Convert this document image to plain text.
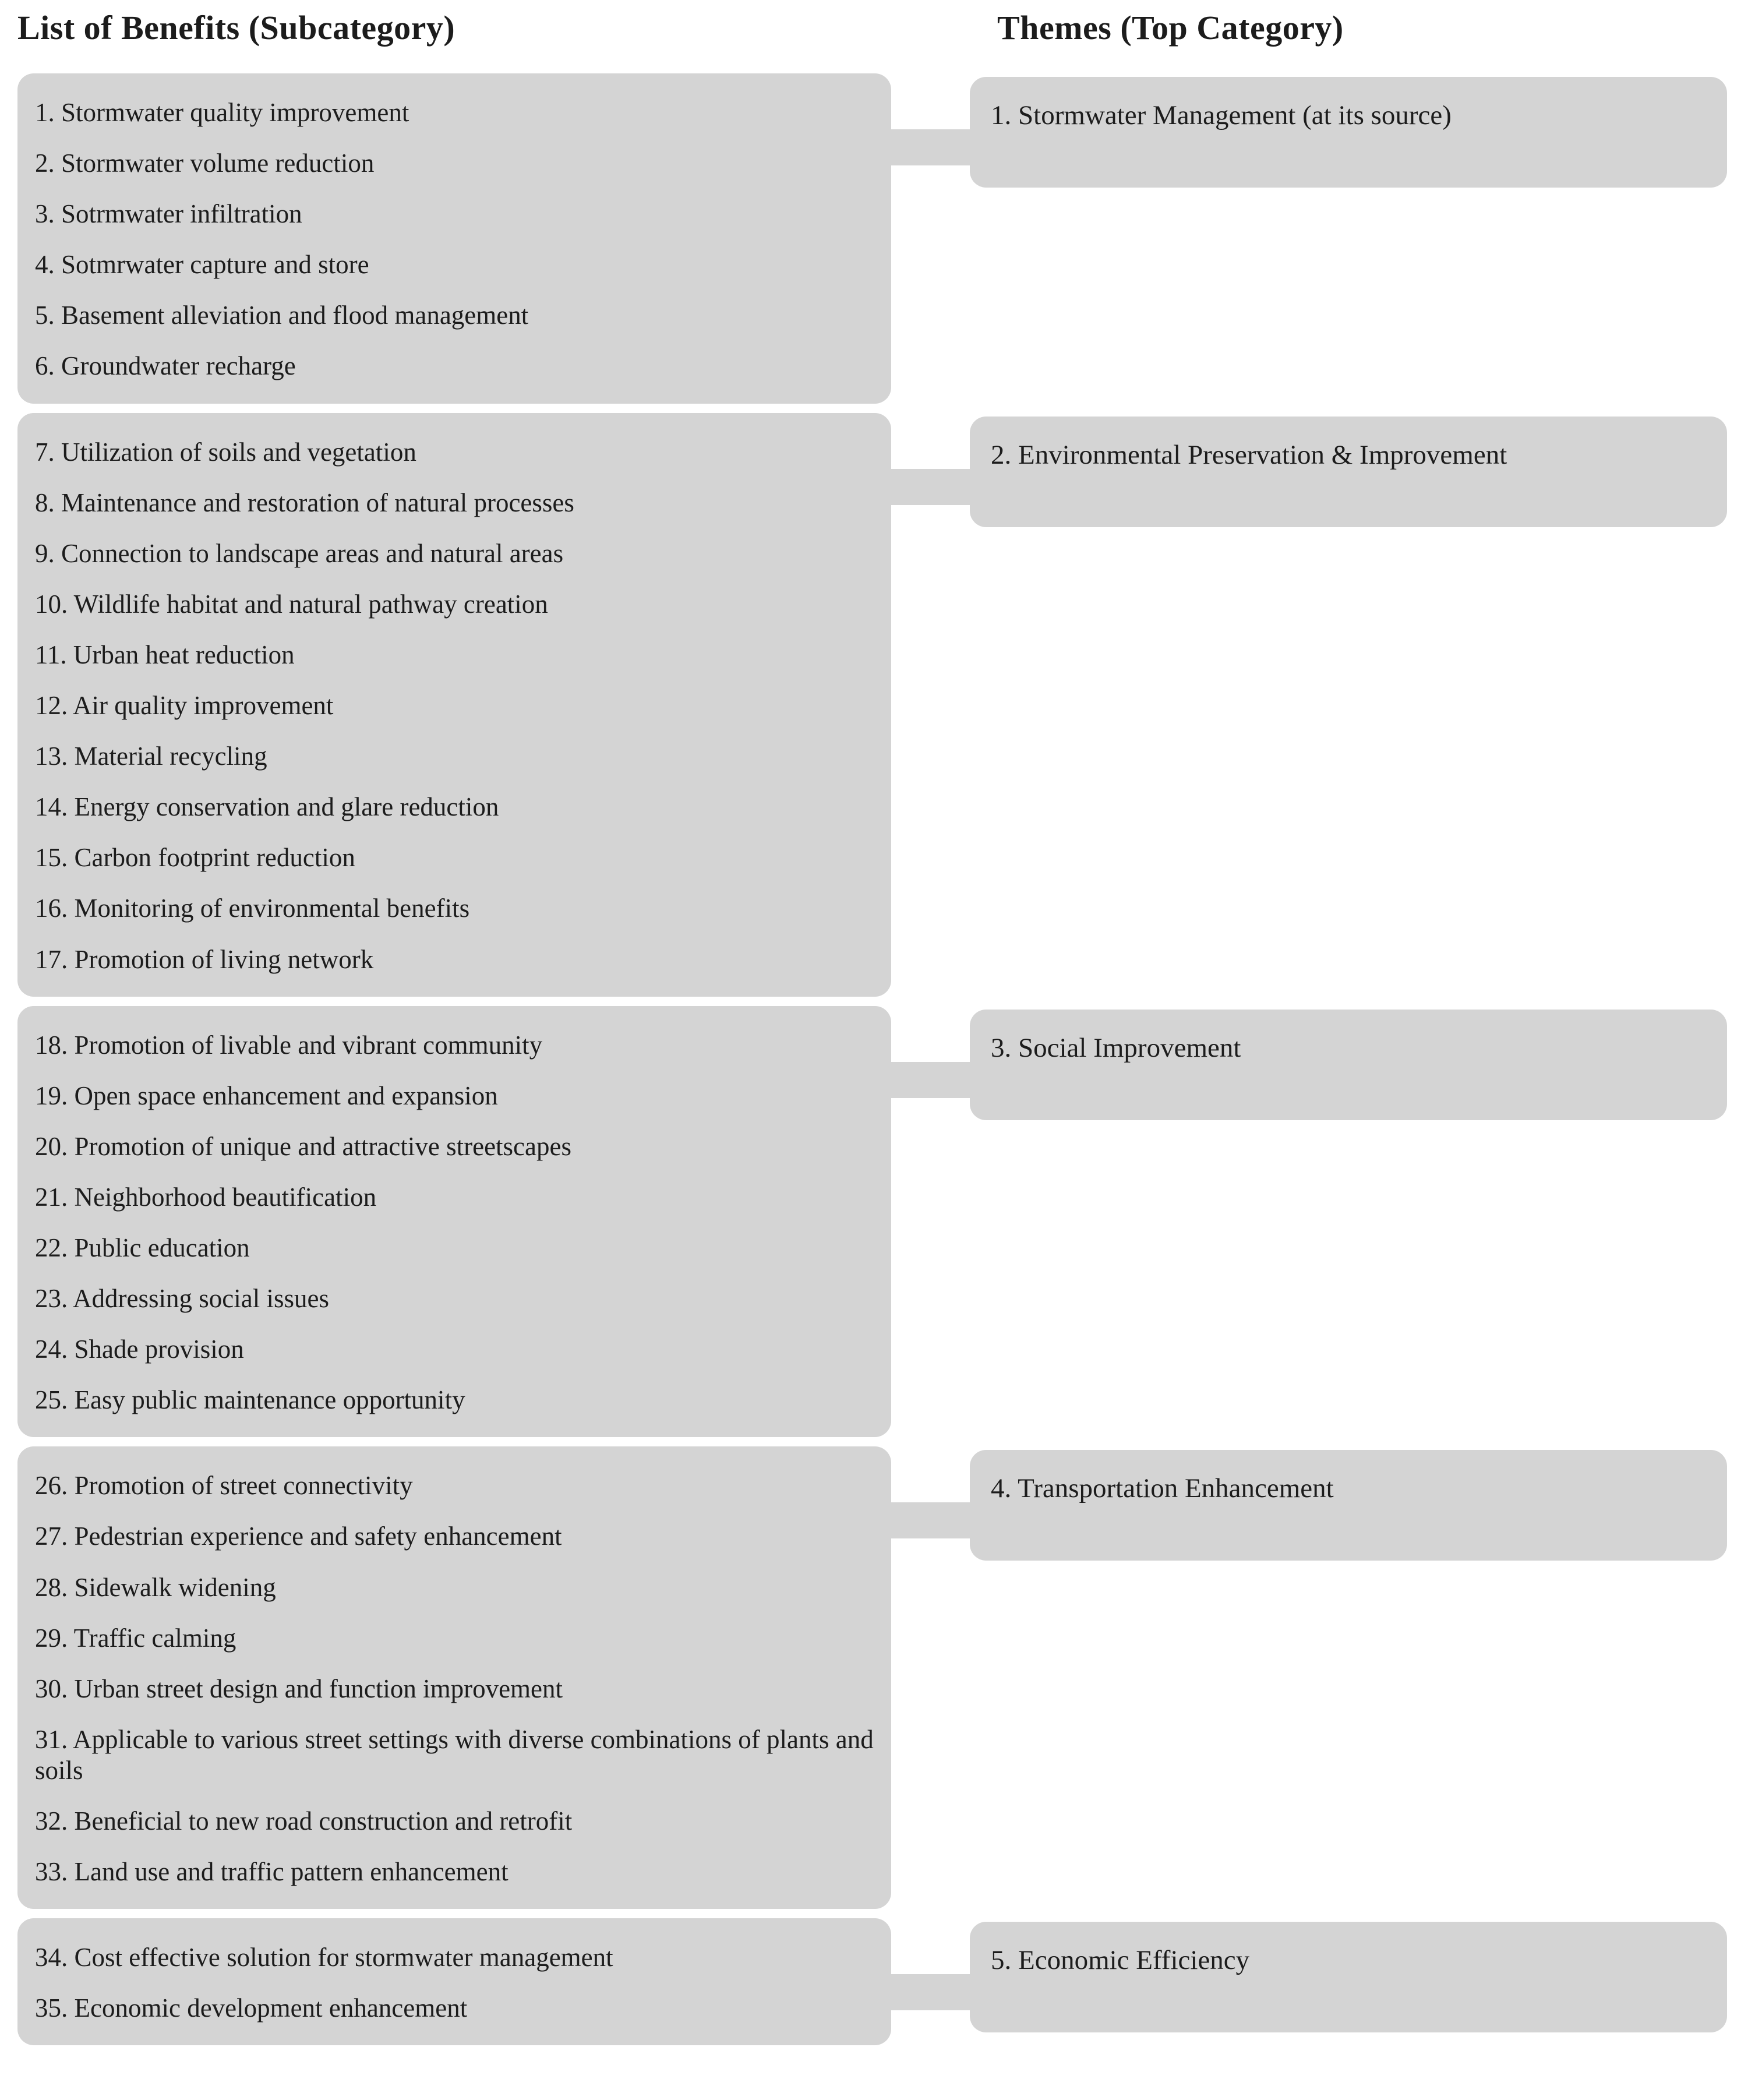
List of Benefits (Subcategory)	Themes (Top Category)

1. Stormwater quality improvement

2. Stormwater volume reduction

3. Sotrmwater infiltration

4. Sotmrwater capture and store

5. Basement alleviation and flood management

6. Groundwater recharge

1. Stormwater Management (at its source)

7. Utilization of soils and vegetation

8. Maintenance and restoration of natural processes

9. Connection to landscape areas and natural areas

10. Wildlife habitat and natural pathway creation

11. Urban heat reduction

12. Air quality improvement

13. Material recycling

14. Energy conservation and glare reduction

15. Carbon footprint reduction

16. Monitoring of environmental benefits

17. Promotion of living network

2. Environmental Preservation & Improvement

18. Promotion of livable and vibrant community

19. Open space enhancement and expansion

20. Promotion of unique and attractive streetscapes

21. Neighborhood beautification

22. Public education

23. Addressing social issues

24. Shade provision

25. Easy public maintenance opportunity

3. Social Improvement

26. Promotion of street connectivity

27. Pedestrian experience and safety enhancement

28. Sidewalk widening

29. Traffic calming

30. Urban street design and function improvement

31. Applicable to various street settings with diverse combinations of plants and soils

32. Beneficial to new road construction and retrofit

33. Land use and traffic pattern enhancement

4. Transportation Enhancement

34. Cost effective solution for stormwater management

35. Economic development enhancement

5. Economic Efficiency
